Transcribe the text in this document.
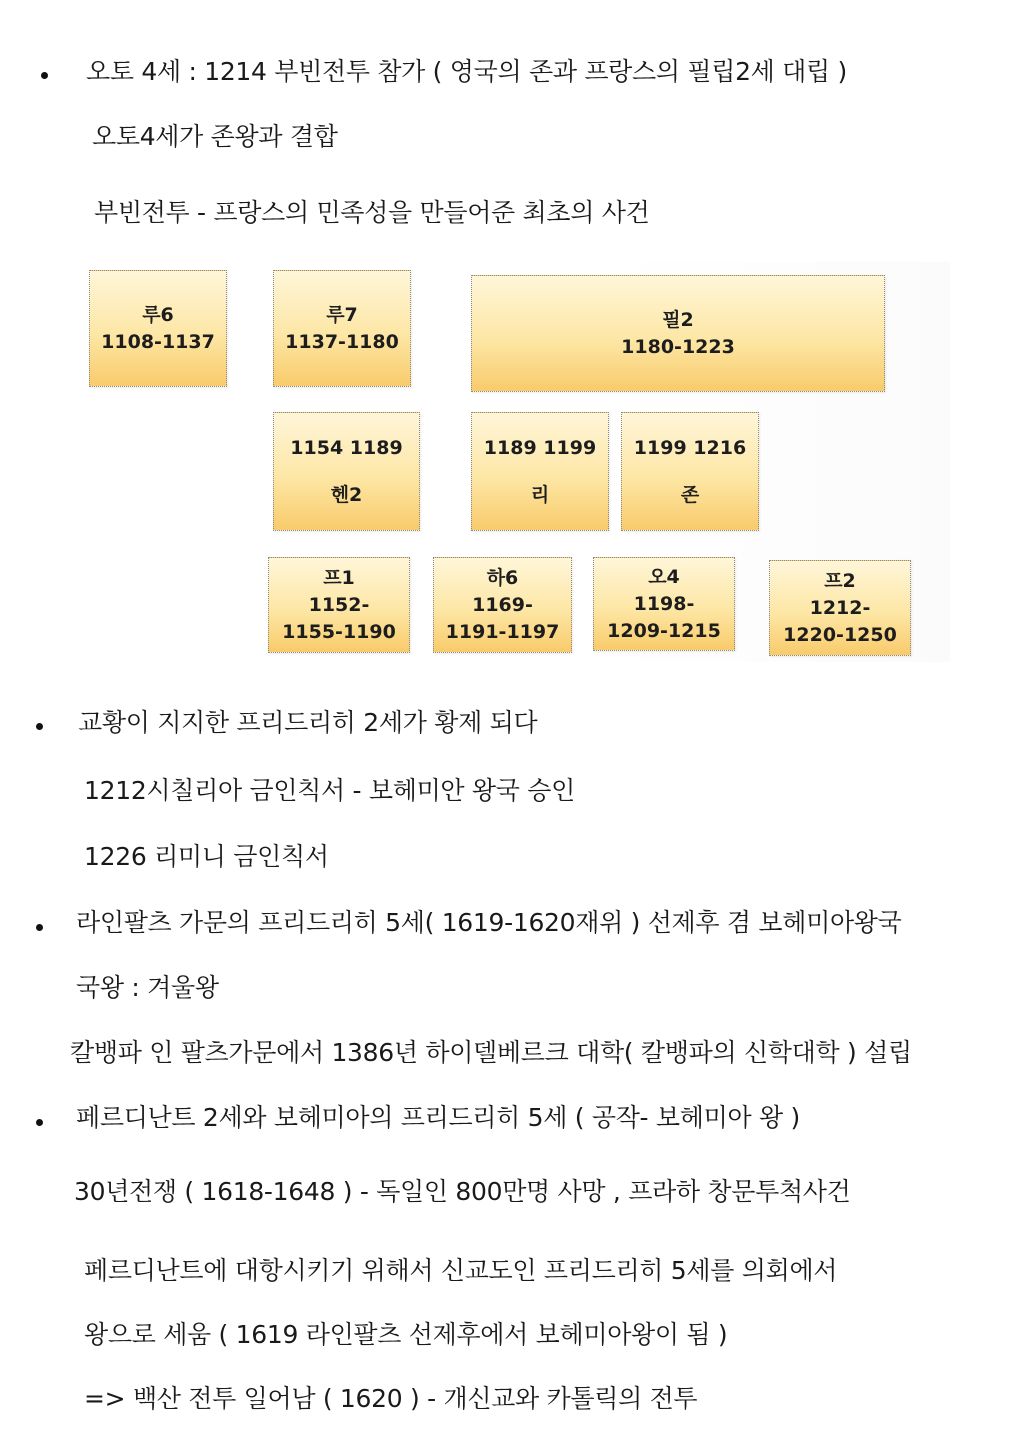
오토 4세 : 1214 부빈전투 참가 ( 영국의 존과 프랑스의 필립2세 대립 )
오토4세가 존왕과 결합
부빈전투 - 프랑스의 민족성을 만들어준 최초의 사건
루6
1108-1137
루7
1137-1180
필2
1180-1223
1154 1189
헨2
1189 1199
리
1199 1216
존
프1
1152-
1155-1190
하6
1169-
1191-1197
오4
1198-
1209-1215
프2
1212-
1220-1250
교황이 지지한 프리드리히 2세가 황제 되다
1212시칠리아 금인칙서 - 보헤미안 왕국 승인
1226 리미니 금인칙서
라인팔츠 가문의 프리드리히 5세( 1619-1620재위 ) 선제후 겸 보헤미아왕국
국왕 : 겨울왕
칼뱅파 인 팔츠가문에서 1386년 하이델베르크 대학( 칼뱅파의 신학대학 ) 설립
페르디난트 2세와 보헤미아의 프리드리히 5세 ( 공작- 보헤미아 왕 )
30년전쟁 ( 1618-1648 ) - 독일인 800만명 사망 , 프라하 창문투척사건
페르디난트에 대항시키기 위해서 신교도인 프리드리히 5세를 의회에서
왕으로 세움 ( 1619 라인팔츠 선제후에서 보헤미아왕이 됨 )
=> 백산 전투 일어남 ( 1620 ) - 개신교와 카톨릭의 전투
